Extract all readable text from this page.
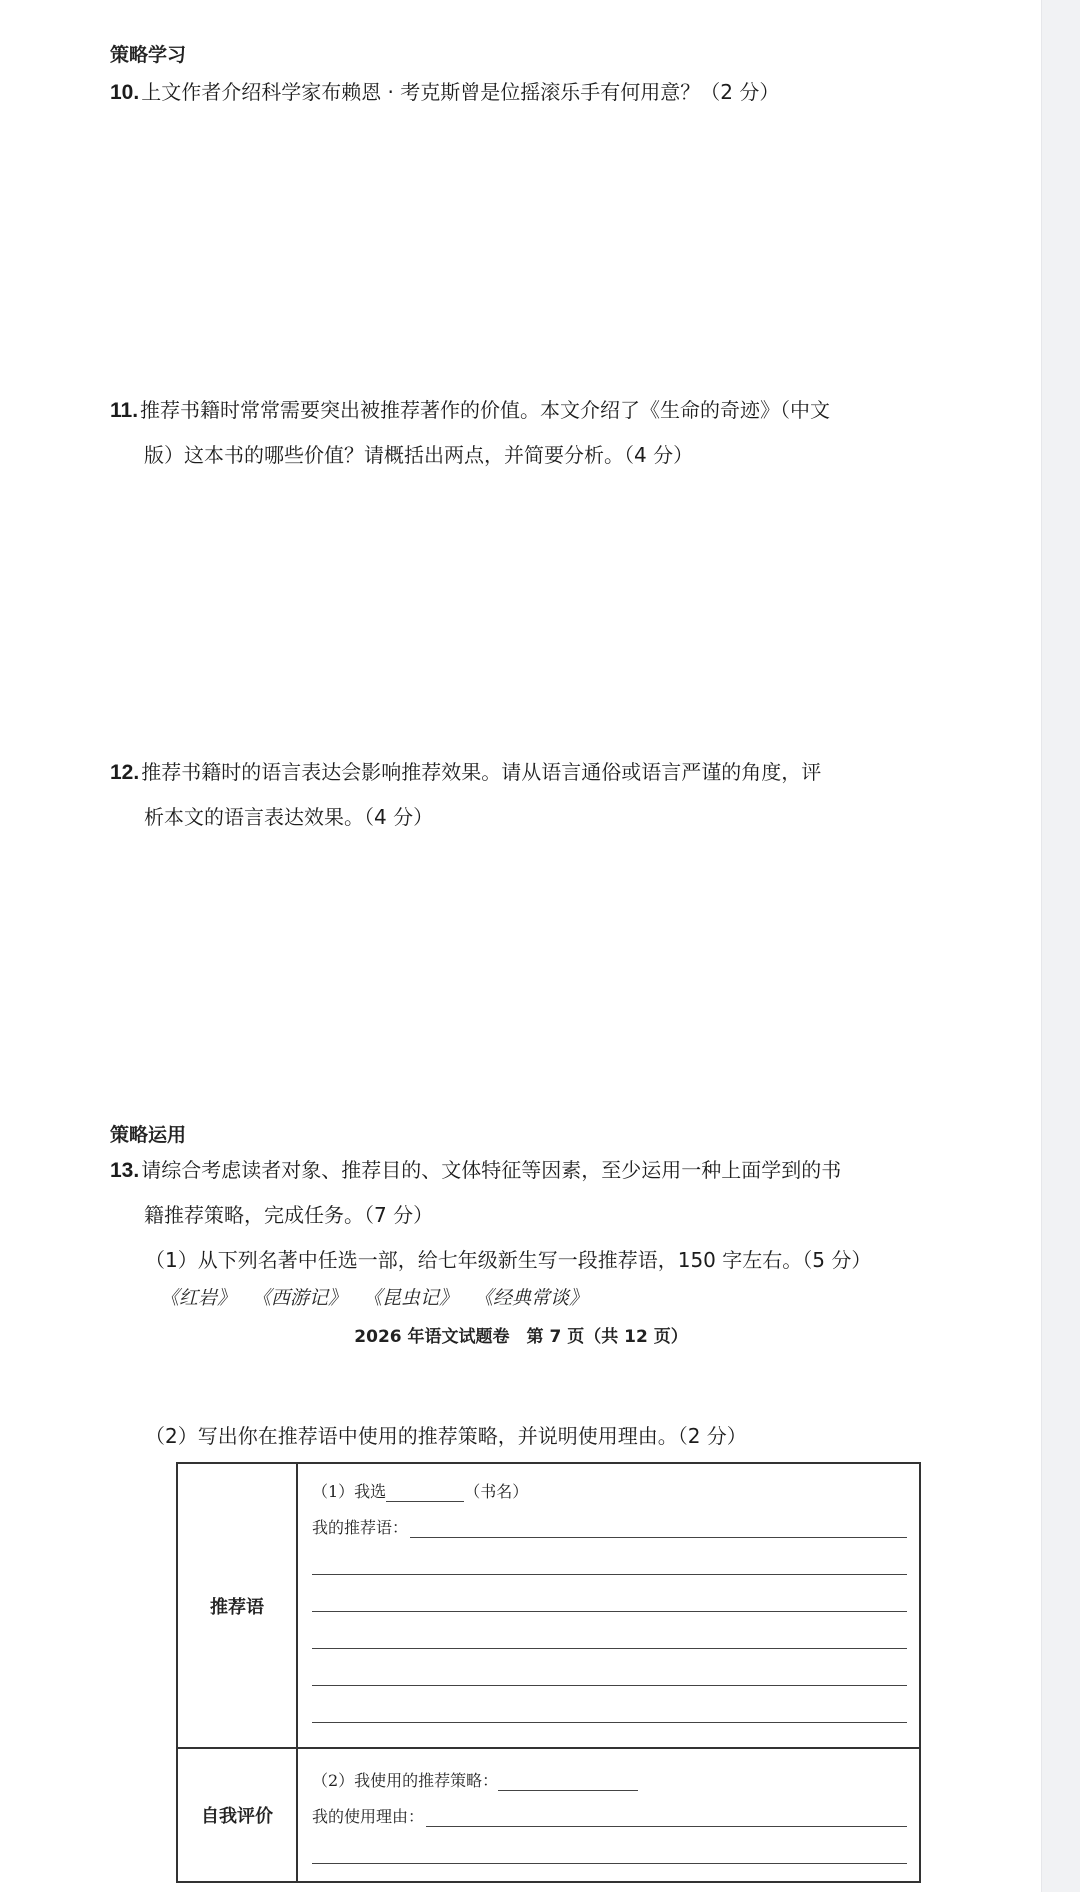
策略学习
10. 上文作者介绍科学家布赖恩 · 考克斯曾是位摇滚乐手有何用意？（2 分）
11. 推荐书籍时常常需要突出被推荐著作的价值。本文介绍了《生命的奇迹》（中文
版）这本书的哪些价值？请概括出两点，并简要分析。（4 分）
12. 推荐书籍时的语言表达会影响推荐效果。请从语言通俗或语言严谨的角度，评
析本文的语言表达效果。（4 分）
策略运用
13. 请综合考虑读者对象、推荐目的、文体特征等因素，至少运用一种上面学到的书
籍推荐策略，完成任务。（7 分）
（1）从下列名著中任选一部，给七年级新生写一段推荐语，150 字左右。（5 分）
《红岩》 《西游记》 《昆虫记》 《经典常谈》
2026 年语文试题卷　第 7 页（共 12 页）
（2）写出你在推荐语中使用的推荐策略，并说明使用理由。（2 分）
推荐语	（1）我选 （书名）
我的推荐语：

自我评价	（2）我使用的推荐策略：
我的使用理由：
